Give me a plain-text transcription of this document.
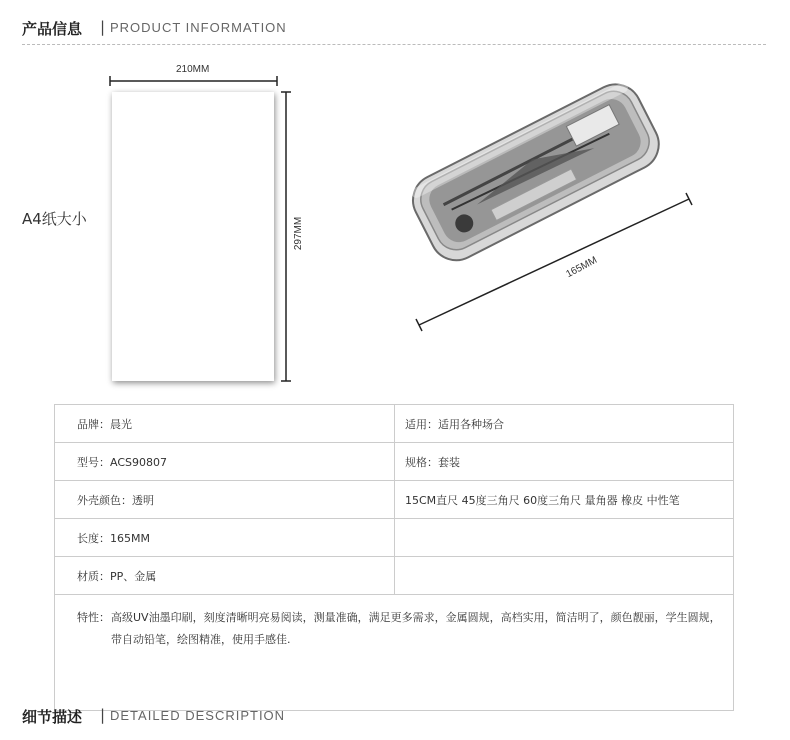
产品信息 | PRODUCT INFORMATION
A4纸大小
210MM
297MM
165MM
品牌：晨光	适用：适用各种场合
型号：ACS90807	规格：套装
外壳颜色：透明	15CM直尺 45度三角尺 60度三角尺 量角器 橡皮 中性笔
长度：165MM	
材质：PP、金属	

特性： 高级UV油墨印刷，刻度清晰明亮易阅读，测量准确，满足更多需求，金属圆规，高档实用，简洁明了，颜色靓丽，学生圆规，带自动铅笔，绘图精准，使用手感佳.	
细节描述 | DETAILED DESCRIPTION
